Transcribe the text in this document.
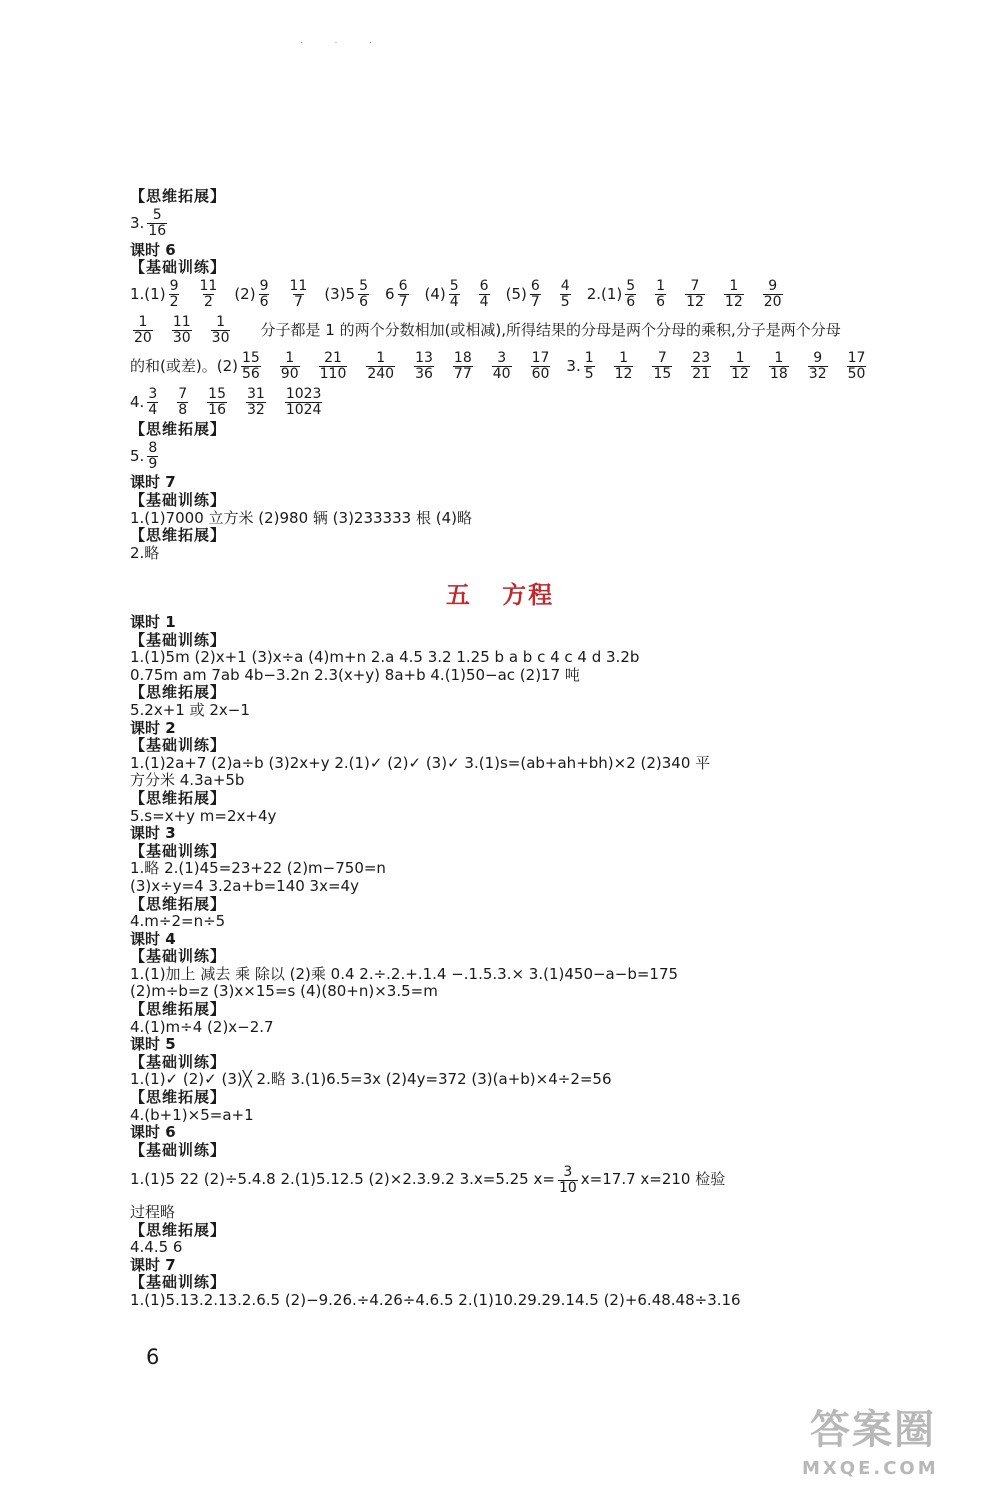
· · ·
【思维拓展】
3. $\frac{5}{16}$
课时 6
【基础训练】
$1.(1) \frac{9}{2} \frac{11}{2} (2) \frac{9}{6} \frac{11}{7} (3)5 \frac{5}{6} 6 \frac{6}{7} (4) \frac{5}{4} \frac{6}{4} (5) \frac{6}{7} \frac{4}{5} 2.(1) \frac{5}{6} \frac{1}{6} \frac{7}{12} \frac{1}{12} \frac{9}{20}$
$\frac{1}{20} \frac{11}{30} \frac{1}{30}$ 分子都是 1 的两个分数相加(或相减),所得结果的分母是两个分母的乘积,分子是两个分母
的和(或差)。 $(2) \frac{15}{56} \frac{1}{90} \frac{21}{110} \frac{1}{240} \frac{13}{36} \frac{18}{77} \frac{3}{40} \frac{17}{60} 3$. $\frac{1}{5} \frac{1}{12} \frac{7}{15} \frac{23}{21} \frac{1}{12} \frac{1}{18} \frac{9}{32} \frac{17}{50}$
4. $\frac{3}{4} \frac{7}{8} \frac{15}{16} \frac{31}{32} \frac{1023}{1024}$
【思维拓展】
5. $\frac{8}{9}$
课时 7
【基础训练】
1.(1)7000 立方米 (2)980 辆 (3)233333 根 (4)略
【思维拓展】
2.略
五 方程
课时 1
【基础训练】
1.(1)5m (2)x+1 (3)x÷a (4)m+n 2.a 4.5 3.2 1.25 b a b c 4 c 4 d 3.2b
0.75m am 7ab 4b−3.2n 2.3(x+y) 8a+b 4.(1)50−ac (2)17 吨
【思维拓展】
5.2x+1 或 2x−1
课时 2
【基础训练】
1.(1)2a+7 (2)a÷b (3)2x+y 2.(1)✓ (2)✓ (3)✓ 3.(1)s=(ab+ah+bh)×2 (2)340 平
方分米 4.3a+5b
【思维拓展】
5.s=x+y m=2x+4y
课时 3
【基础训练】
1.略 2.(1)45=23+22 (2)m−750=n
(3)x÷y=4 3.2a+b=140 3x=4y
【思维拓展】
4.m÷2=n÷5
课时 4
【基础训练】
1.(1)加上 减去 乘 除以 (2)乘 0.4 2.÷.2.+.1.4 −.1.5.3.× 3.(1)450−a−b=175
(2)m÷b=z (3)x×15=s (4)(80+n)×3.5=m
【思维拓展】
4.(1)m÷4 (2)x−2.7
课时 5
【基础训练】
1.(1)✓ (2)✓ (3)╳ 2.略 3.(1)6.5=3x (2)4y=372 (3)(a+b)×4÷2=56
【思维拓展】
4.(b+1)×5=a+1
课时 6
【基础训练】
1.(1)5 22 (2)÷5.4.8 2.(1)5.12.5 (2)×2.3.9.2 3.x=5.25 $x= \frac{3}{10} x=17.7$ x=210 检验
过程略
【思维拓展】
4.4.5 6
课时 7
【基础训练】
1.(1)5.13.2.13.2.6.5 (2)−9.26.÷4.26÷4.6.5 2.(1)10.29.29.14.5 (2)+6.48.48÷3.16
6
答案圈
MXQE.COM
